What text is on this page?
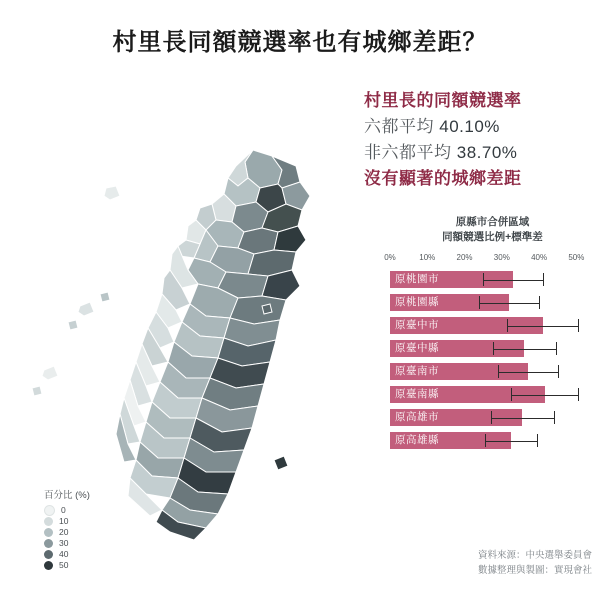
村里長同額競選率也有城鄉差距？
百分比 (%)
0
10
20
30
40
50
村里長的同額競選率
六都平均 40.10%
非六都平均 38.70%
沒有顯著的城鄉差距
原縣市合併區域
同額競選比例+標準差
0%	10%	20%	30%	40%	50%
原桃園市
原桃園縣
原臺中市
原臺中縣
原臺南市
原臺南縣
原高雄市
原高雄縣
資料來源：中央選舉委員會
數據整理與製圖：實現會社
